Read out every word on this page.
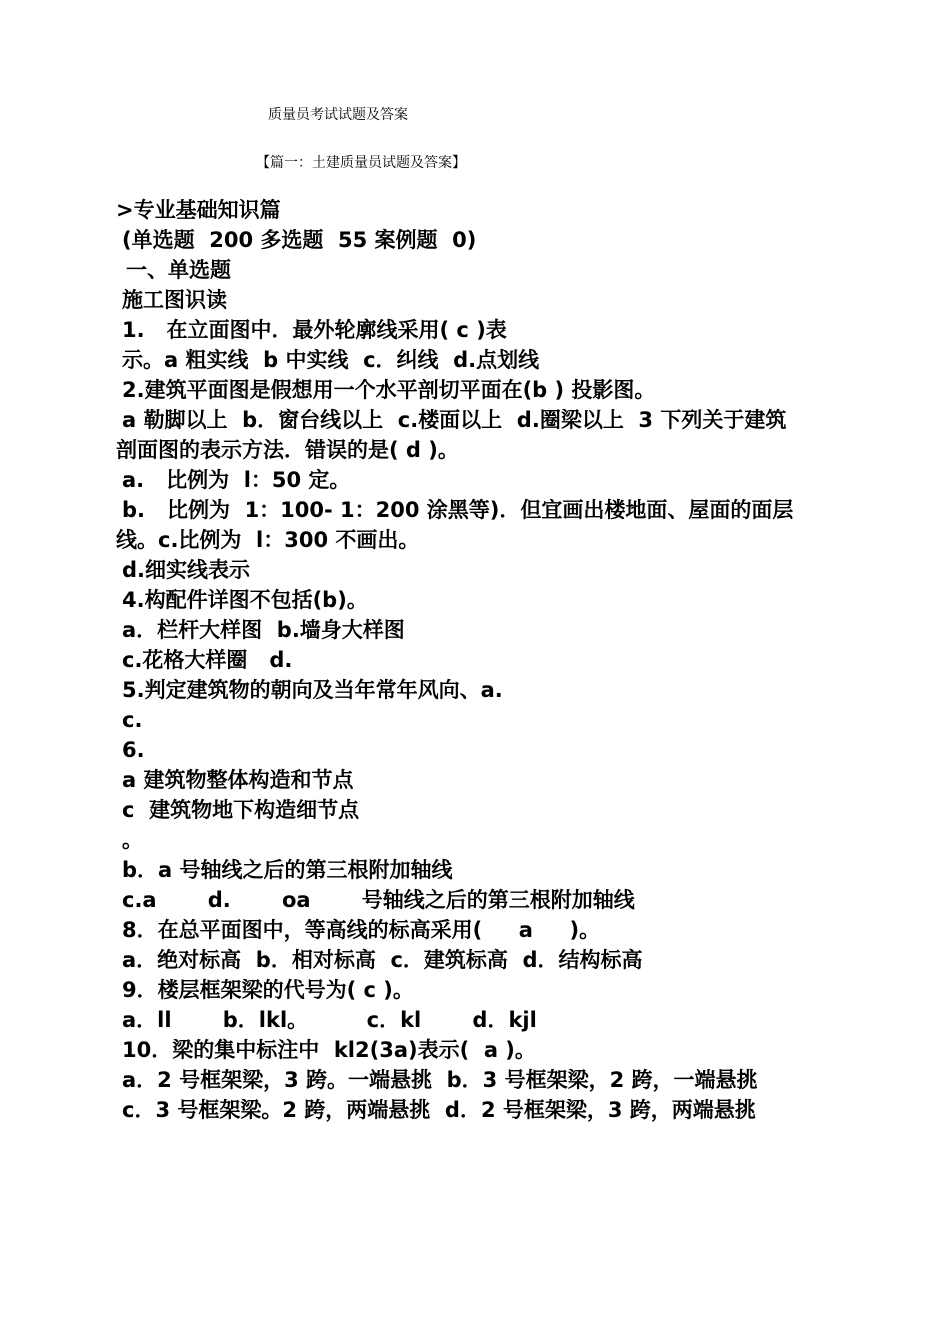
质量员考试试题及答案
【篇一：土建质量员试题及答案】
>专业基础知识篇
(单选题  200 多选题  55 案例题  0)
一、单选题
施工图识读
1.   在立面图中．最外轮廓线采用( c )表
示。a 粗实线  b 中实线  c．纠线  d.点划线
2.建筑平面图是假想用一个水平剖切平面在(b ) 投影图。
a 勒脚以上  b．窗台线以上  c.楼面以上  d.圈梁以上  3 下列关于建筑
剖面图的表示方法．错误的是( d )。
a.   比例为  l：50 定。
b.   比例为  1：100- 1：200 涂黑等)．但宜画出楼地面、屋面的面层
线。c.比例为  l：300 不画出。
d.细实线表示
4.构配件详图不包括(b)。
a．栏杆大样图  b.墙身大样图
c.花格大样圈   d.
5.判定建筑物的朝向及当年常年风向、a.
c.
6.
a 建筑物整体构造和节点
c  建筑物地下构造细节点
。
b．a 号轴线之后的第三根附加轴线
c.a       d.       oa       号轴线之后的第三根附加轴线
8．在总平面图中，等高线的标高采用(     a     )。
a．绝对标高  b．相对标高  c．建筑标高  d．结构标高
9．楼层框架梁的代号为( c )。
a．ll       b．lkl。        c．kl       d．kjl
10．梁的集中标注中  kl2(3a)表示(  a )。
a．2 号框架梁，3 跨。一端悬挑  b．3 号框架梁，2 跨，一端悬挑
c．3 号框架梁。2 跨，两端悬挑  d．2 号框架梁，3 跨，两端悬挑
